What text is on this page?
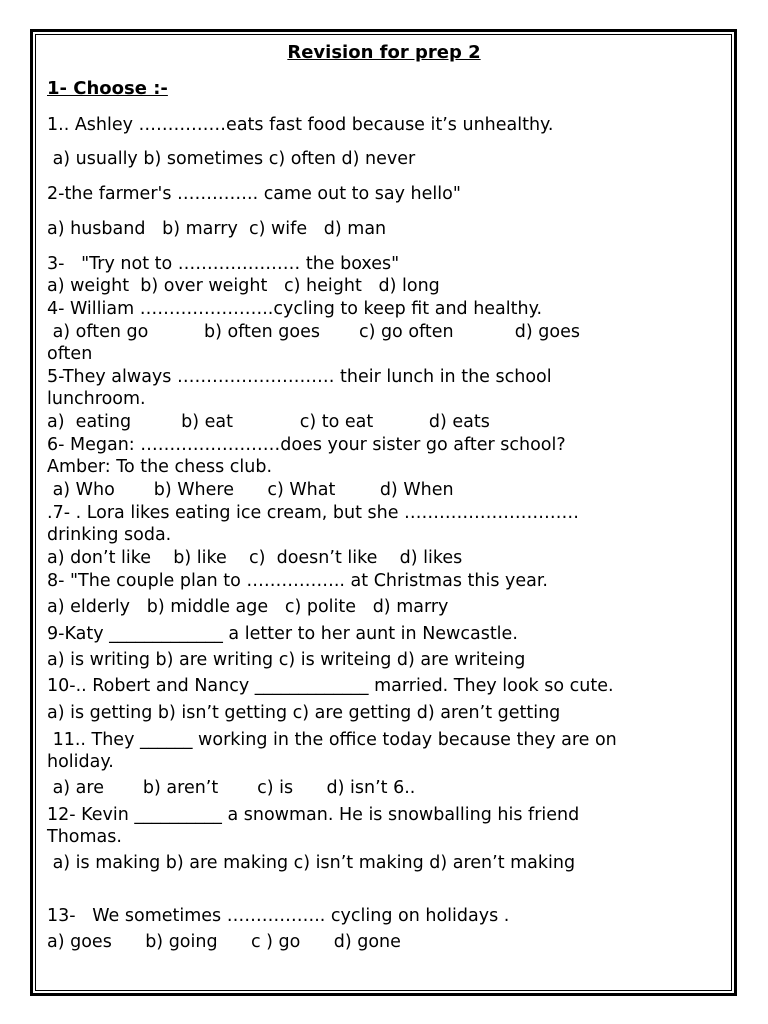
Revision for prep 2
1- Choose :-
1.. Ashley ……………eats fast food because it’s unhealthy.
a) usually b) sometimes c) often d) never
2-the farmer's ………….. came out to say hello"
a) husband   b) marry  c) wife   d) man
3-   "Try not to ………………… the boxes"
a) weight  b) over weight   c) height   d) long
4- William …………………..cycling to keep fit and healthy.
a) often go          b) often goes       c) go often           d) goes
often
5-They always ……………………… their lunch in the school
lunchroom.
a)  eating         b) eat            c) to eat          d) eats
6- Megan: ……………………does your sister go after school?
Amber: To the chess club.
a) Who       b) Where      c) What        d) When
.7- . Lora likes eating ice cream, but she …………………………
drinking soda.
a) don’t like    b) like    c)  doesn’t like    d) likes
8- "The couple plan to …………….. at Christmas this year.
a) elderly   b) middle age   c) polite   d) marry
9-Katy _____________ a letter to her aunt in Newcastle.
a) is writing b) are writing c) is writeing d) are writeing
10-.. Robert and Nancy _____________ married. They look so cute.
a) is getting b) isn’t getting c) are getting d) aren’t getting
11.. They ______ working in the office today because they are on
holiday.
a) are       b) aren’t       c) is      d) isn’t 6..
12- Kevin __________ a snowman. He is snowballing his friend
Thomas.
a) is making b) are making c) isn’t making d) aren’t making
13-   We sometimes …………….. cycling on holidays .
a) goes      b) going      c ) go      d) gone
